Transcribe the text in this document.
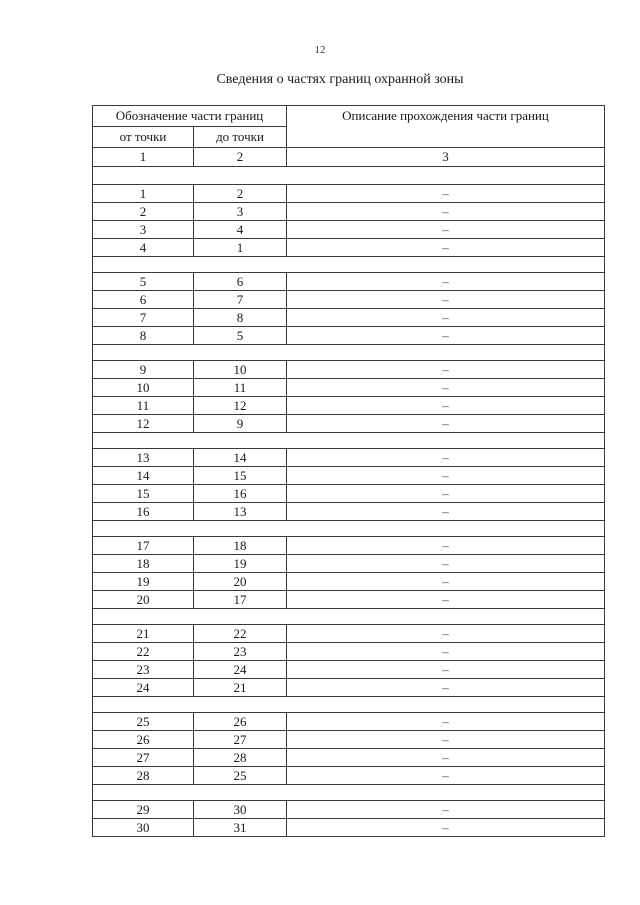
12
Сведения о частях границ охранной зоны
Обозначение части границ		Описание прохождения части границ
от точки	до точки	
1	2	3

1	2	–
2	3	–
3	4	–
4	1	–

5	6	–
6	7	–
7	8	–
8	5	–

9	10	–
10	11	–
11	12	–
12	9	–

13	14	–
14	15	–
15	16	–
16	13	–

17	18	–
18	19	–
19	20	–
20	17	–

21	22	–
22	23	–
23	24	–
24	21	–

25	26	–
26	27	–
27	28	–
28	25	–

29	30	–
30	31	–
